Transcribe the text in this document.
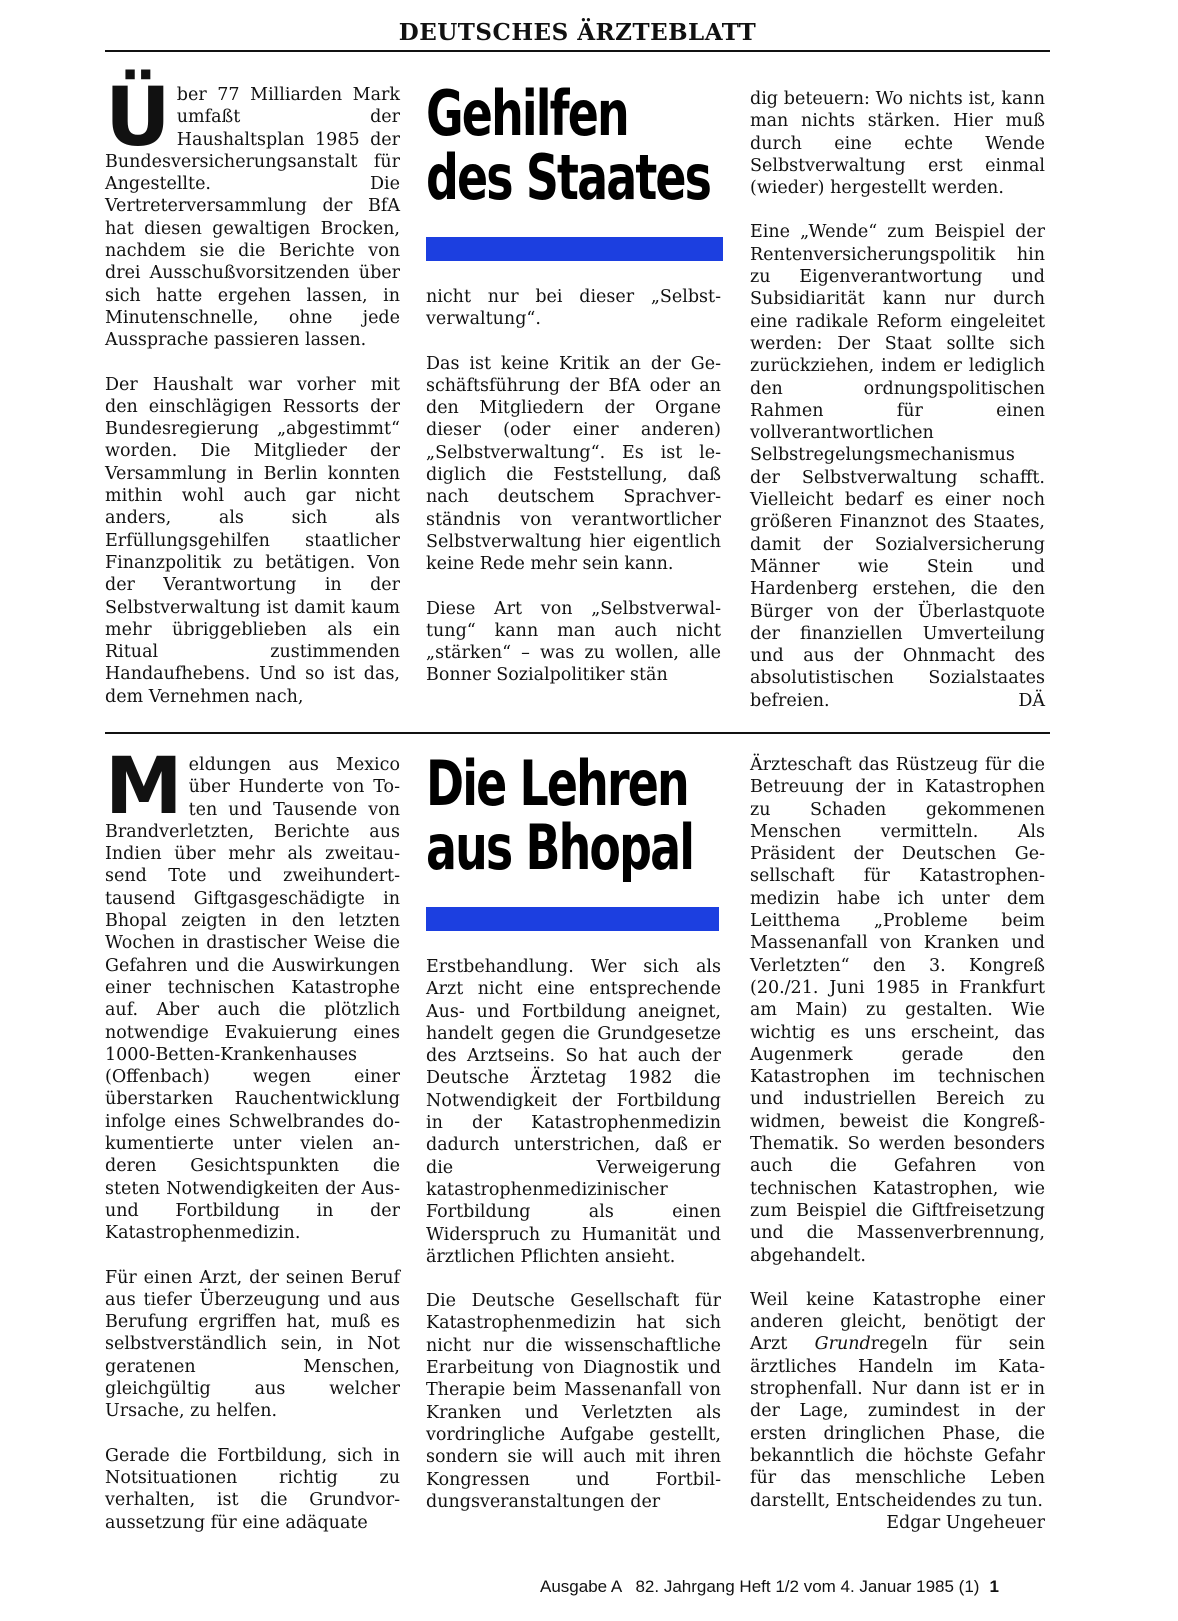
DEUTSCHES ÄRZTEBLATT

Über 77 Milliarden Mark umfaßt der Haushaltsplan 1985 der Bundesversicherungsanstalt für Angestellte. Die Vertreterversammlung der BfA hat diesen gewaltigen Brocken, nachdem sie die Berichte von drei Ausschußvorsitzenden über sich hatte ergehen lassen, in Minutenschnelle, ohne jede Aussprache passieren lassen.

Der Haushalt war vorher mit den einschlägigen Ressorts der Bundesregierung „abgestimmt“ worden. Die Mitglieder der Versammlung in Berlin konnten mithin wohl auch gar nicht anders, als sich als Erfüllungsgehilfen staatlicher Finanzpolitik zu betätigen. Von der Verantwortung in der Selbstverwaltung ist damit kaum mehr übriggeblieben als ein Ritual zustimmenden Handaufhebens. Und so ist das, dem Vernehmen nach,

Gehilfen
des Staates

nicht nur bei dieser „Selbstverwaltung“.

Das ist keine Kritik an der Geschäftsführung der BfA oder an den Mitgliedern der Organe dieser (oder einer anderen) „Selbstverwaltung“. Es ist lediglich die Feststellung, daß nach deutschem Sprachverständnis von verantwortlicher Selbstverwaltung hier eigentlich keine Rede mehr sein kann.

Diese Art von „Selbstverwaltung“ kann man auch nicht „stärken“ – was zu wollen, alle Bonner Sozialpolitiker stän

dig beteuern: Wo nichts ist, kann man nichts stärken. Hier muß durch eine echte Wende Selbstverwaltung erst einmal (wieder) hergestellt werden.

Eine „Wende“ zum Beispiel der Rentenversicherungspolitik hin zu Eigenverantwortung und Subsidiarität kann nur durch eine radikale Reform eingeleitet werden: Der Staat sollte sich zurückziehen, indem er lediglich den ordnungspolitischen Rahmen für einen vollverantwortlichen Selbstregelungsmechanismus der Selbstverwaltung schafft. Vielleicht bedarf es einer noch größeren Finanznot des Staates, damit der Sozialversicherung Männer wie Stein und Hardenberg erstehen, die den Bürger von der Überlastquote der finanziellen Umverteilung und aus der Ohnmacht des absolutistischen Sozialstaates befreien.	DÄ

Meldungen aus Mexico über Hunderte von Toten und Tausende von Brandverletzten, Berichte aus Indien über mehr als zweitausend Tote und zweihunderttausend Giftgasgeschädigte in Bhopal zeigten in den letzten Wochen in drastischer Weise die Gefahren und die Auswirkungen einer technischen Katastrophe auf. Aber auch die plötzlich notwendige Evakuierung eines 1000-Betten-Krankenhauses (Offenbach) wegen einer überstarken Rauchentwicklung infolge eines Schwelbrandes dokumentierte unter vielen anderen Gesichtspunkten die steten Notwendigkeiten der Aus- und Fortbildung in der Katastrophenmedizin.

Für einen Arzt, der seinen Beruf aus tiefer Überzeugung und aus Berufung ergriffen hat, muß es selbstverständlich sein, in Not geratenen Menschen, gleichgültig aus welcher Ursache, zu helfen.

Gerade die Fortbildung, sich in Notsituationen richtig zu verhalten, ist die Grundvoraussetzung für eine adäquate

Die Lehren
aus Bhopal

Erstbehandlung. Wer sich als Arzt nicht eine entsprechende Aus- und Fortbildung aneignet, handelt gegen die Grundgesetze des Arztseins. So hat auch der Deutsche Ärztetag 1982 die Notwendigkeit der Fortbildung in der Katastrophenmedizin dadurch unterstrichen, daß er die Verweigerung katastrophenmedizinischer Fortbildung als einen Widerspruch zu Humanität und ärztlichen Pflichten ansieht.

Die Deutsche Gesellschaft für Katastrophenmedizin hat sich nicht nur die wissenschaftliche Erarbeitung von Diagnostik und Therapie beim Massenanfall von Kranken und Verletzten als vordringliche Aufgabe gestellt, sondern sie will auch mit ihren Kongressen und Fortbildungsveranstaltungen der

Ärzteschaft das Rüstzeug für die Betreuung der in Katastrophen zu Schaden gekommenen Menschen vermitteln. Als Präsident der Deutschen Gesellschaft für Katastrophenmedizin habe ich unter dem Leitthema „Probleme beim Massenanfall von Kranken und Verletzten“ den 3. Kongreß (20./21. Juni 1985 in Frankfurt am Main) zu gestalten. Wie wichtig es uns erscheint, das Augenmerk gerade den Katastrophen im technischen und industriellen Bereich zu widmen, beweist die Kongreß-Thematik. So werden besonders auch die Gefahren von technischen Katastrophen, wie zum Beispiel die Giftfreisetzung und die Massenverbrennung, abgehandelt.

Weil keine Katastrophe einer anderen gleicht, benötigt der Arzt Grundregeln für sein ärztliches Handeln im Katastrophenfall. Nur dann ist er in der Lage, zumindest in der ersten dringlichen Phase, die bekanntlich die höchste Gefahr für das menschliche Leben darstellt, Entscheidendes zu tun.
Edgar Ungeheuer

Ausgabe A   82. Jahrgang Heft 1/2 vom 4. Januar 1985 (1) 1
